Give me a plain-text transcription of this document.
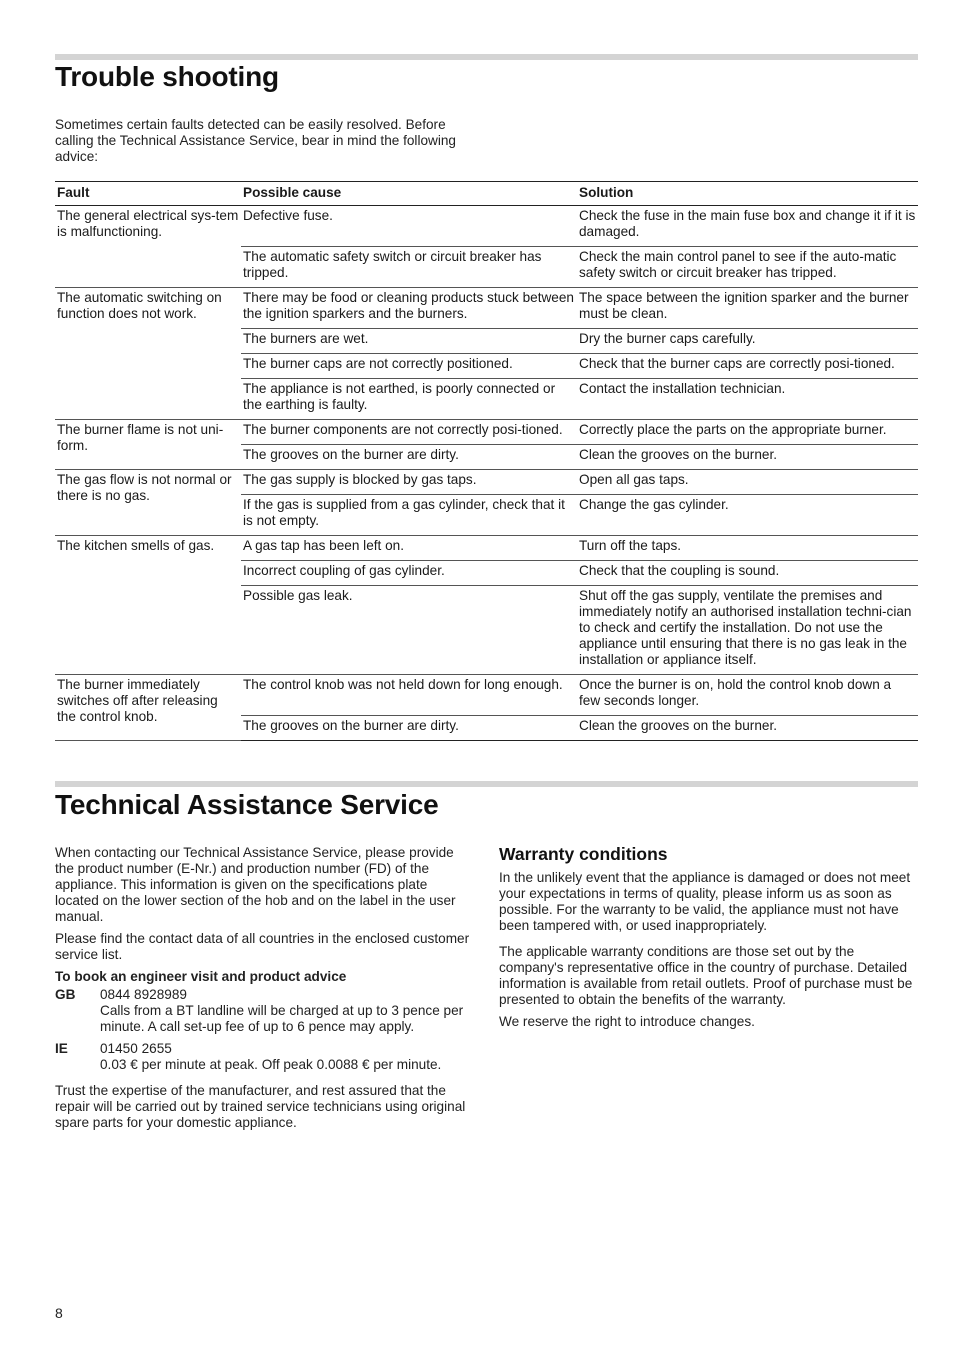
Trouble shooting

Sometimes certain faults detected can be easily resolved. Before calling the Technical Assistance Service, bear in mind the following advice:

Fault	Possible cause	Solution
The general electrical sys-tem is malfunctioning.	Defective fuse.	Check the fuse in the main fuse box and change it if it is damaged.
	The automatic safety switch or circuit breaker has tripped.	Check the main control panel to see if the auto-matic safety switch or circuit breaker has tripped.
The automatic switching on function does not work.	There may be food or cleaning products stuck between the ignition sparkers and the burners.	The space between the ignition sparker and the burner must be clean.
	The burners are wet.	Dry the burner caps carefully.
	The burner caps are not correctly positioned.	Check that the burner caps are correctly posi-tioned.
	The appliance is not earthed, is poorly connected or the earthing is faulty.	Contact the installation technician.
The burner flame is not uni-form.	The burner components are not correctly posi-tioned.	Correctly place the parts on the appropriate burner.
	The grooves on the burner are dirty.	Clean the grooves on the burner.
The gas flow is not normal or there is no gas.	The gas supply is blocked by gas taps.	Open all gas taps.
	If the gas is supplied from a gas cylinder, check that it is not empty.	Change the gas cylinder.
The kitchen smells of gas.	A gas tap has been left on.	Turn off the taps.
	Incorrect coupling of gas cylinder.	Check that the coupling is sound.
	Possible gas leak.	Shut off the gas supply, ventilate the premises and immediately notify an authorised installation techni-cian to check and certify the installation. Do not use the appliance until ensuring that there is no gas leak in the installation or appliance itself.
The burner immediately switches off after releasing the control knob.	The control knob was not held down for long enough.	Once the burner is on, hold the control knob down a few seconds longer.
	The grooves on the burner are dirty.	Clean the grooves on the burner.
Technical Assistance Service

When contacting our Technical Assistance Service, please provide the product number (E-Nr.) and production number (FD) of the appliance. This information is given on the specifications plate located on the lower section of the hob and on the label in the user manual.

Please find the contact data of all countries in the enclosed customer service list.

To book an engineer visit and product advice
GB	0844 8928989
Calls from a BT landline will be charged at up to 3 pence per minute. A call set-up fee of up to 6 pence may apply.
IE	01450 2655
0.03 € per minute at peak. Off peak 0.0088 € per minute.

Trust the expertise of the manufacturer, and rest assured that the repair will be carried out by trained service technicians using original spare parts for your domestic appliance.

Warranty conditions

In the unlikely event that the appliance is damaged or does not meet your expectations in terms of quality, please inform us as soon as possible. For the warranty to be valid, the appliance must not have been tampered with, or used inappropriately.

The applicable warranty conditions are those set out by the company's representative office in the country of purchase. Detailed information is available from retail outlets. Proof of purchase must be presented to obtain the benefits of the warranty.

We reserve the right to introduce changes.

8
